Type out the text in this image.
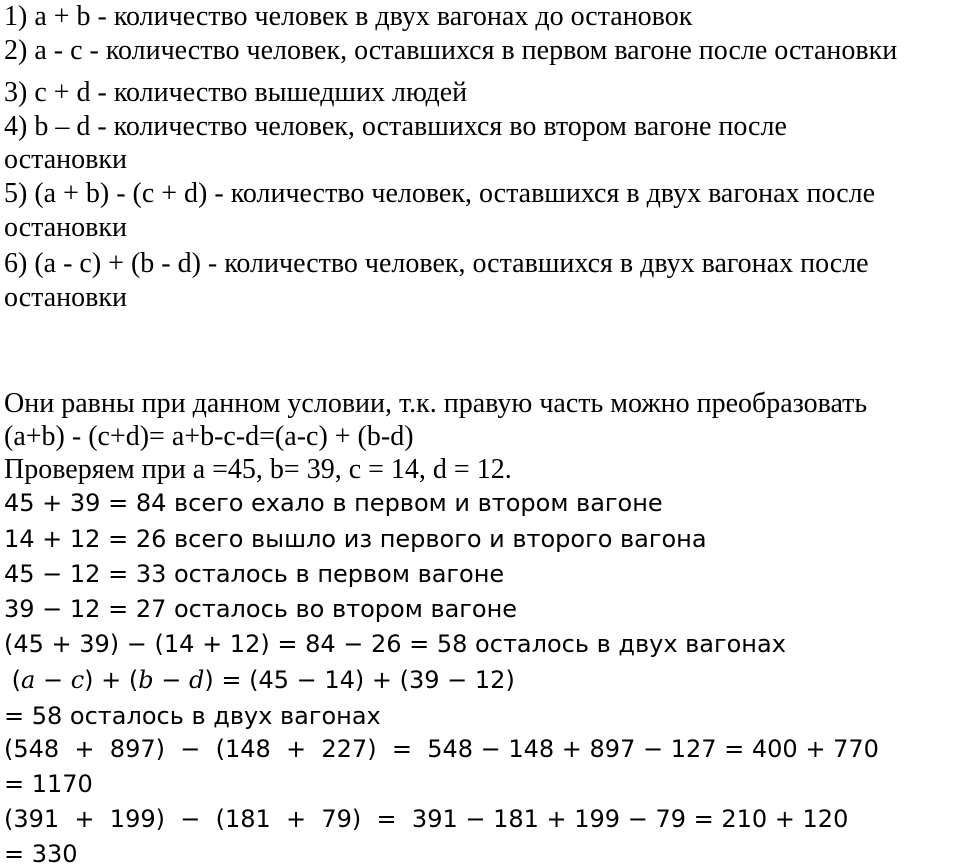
1) a + b - количество человек в двух вагонах до остановок
2) a - c - количество человек, оставшихся в первом вагоне после остановки
3) c + d - количество вышедших людей
4) b – d - количество человек, оставшихся во втором вагоне после
остановки
5) (a + b) - (c + d) - количество человек, оставшихся в двух вагонах после
остановки
6) (a - c) + (b - d) - количество человек, оставшихся в двух вагонах после
остановки
Они равны при данном условии, т.к. правую часть можно преобразовать
(a+b) - (c+d)= a+b-c-d=(a-c) + (b-d)
Проверяем при a =45, b= 39, c = 14, d = 12.
45 + 39 = 84 всего ехало в первом и втором вагоне
14 + 12 = 26 всего вышло из первого и второго вагона
45 − 12 = 33 осталось в первом вагоне
39 − 12 = 27 осталось во втором вагоне
(45 + 39) − (14 + 12) = 84 − 26 = 58 осталось в двух вагонах
(a − c) + (b − d) = (45 − 14) + (39 − 12)
= 58 осталось в двух вагонах
(548  +  897)  −  (148  +  227)  =  548 − 148 + 897 − 127 = 400 + 770
= 1170
(391  +  199)  −  (181  +  79)  =  391 − 181 + 199 − 79 = 210 + 120
= 330
